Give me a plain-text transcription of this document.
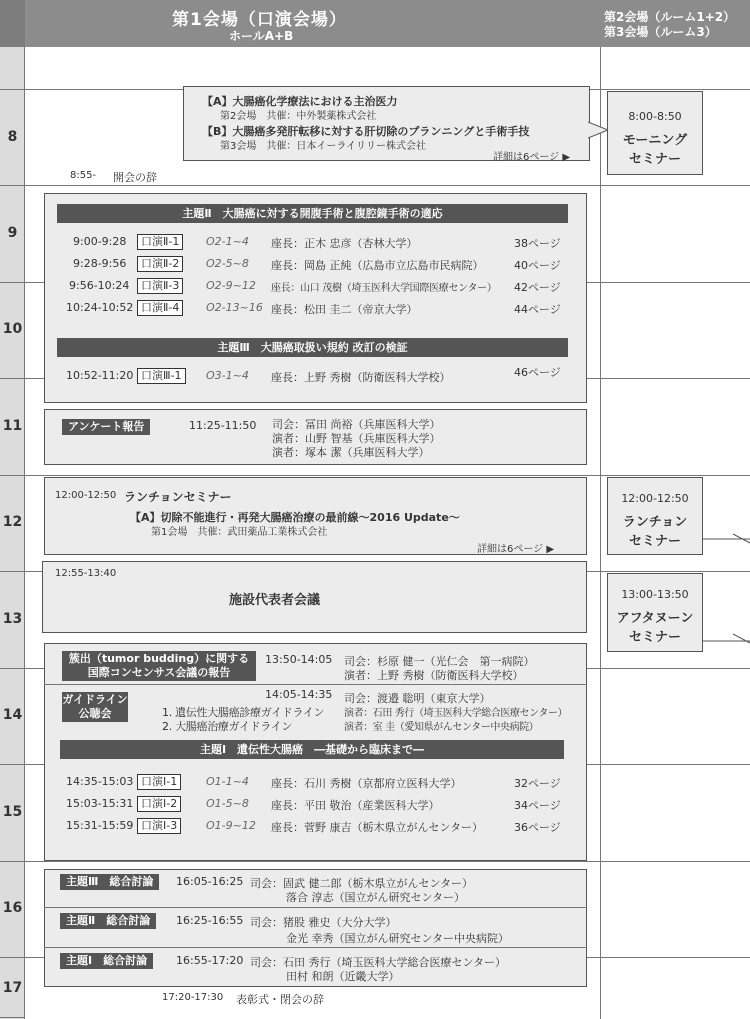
第1会場（口演会場）
ホールA+B
第2会場（ルーム1+2）
第3会場（ルーム3）
8
9
10
11
12
13
14
15
16
17
【A】大腸癌化学療法における主治医力
第2会場　共催：中外製薬株式会社
【B】大腸癌多発肝転移に対する肝切除のプランニングと手術手技
第3会場　共催：日本イーライリリー株式会社
詳細は6ページ ▶
8:00-8:50
モーニング
セミナー
8:55- 開会の辞
主題Ⅱ　大腸癌に対する開腹手術と腹腔鏡手術の適応
9:00-9:28	口演Ⅱ-1	O2-1~4 座長：正木 忠彦（杏林大学）	38ページ
9:28-9:56	口演Ⅱ-2	O2-5~8 座長：岡島 正純（広島市立広島市民病院）	40ページ
9:56-10:24	口演Ⅱ-3	O2-9~12 座長：山口 茂樹（埼玉医科大学国際医療センター） 42ページ
10:24-10:52 口演Ⅱ-4	O2-13~16 座長：松田 圭二（帝京大学）	44ページ
主題Ⅲ　大腸癌取扱い規約 改訂の検証
10:52-11:20 口演Ⅲ-1	O3-1~4 座長：上野 秀樹（防衛医科大学校）	46ページ
アンケート報告	11:25-11:50 司会：冨田 尚裕（兵庫医科大学）
演者：山野 智基（兵庫医科大学）
演者：塚本 潔（兵庫医科大学）
12:00-12:50 ランチョンセミナー
【A】切除不能進行・再発大腸癌治療の最前線〜2016 Update〜
第1会場　共催：武田薬品工業株式会社
詳細は6ページ ▶
12:00-12:50
ランチョン
セミナー
12:55-13:40
施設代表者会議	13:00-13:50
アフタヌーン
セミナー
簇出（tumor budding）に関する
国際コンセンサス会議の報告
13:50-14:05 司会：杉原 健一（光仁会　第一病院）
演者：上野 秀樹（防衛医科大学校）
ガイドライン
公聴会
14:05-14:35
1. 遺伝性大腸癌診療ガイドライン
2. 大腸癌治療ガイドライン
司会：渡邉 聡明（東京大学）
演者：石田 秀行（埼玉医科大学総合医療センター）
演者：室 圭（愛知県がんセンター中央病院）
主題Ⅰ　遺伝性大腸癌　―基礎から臨床まで―
14:35-15:03 口演Ⅰ-1	O1-1~4 座長：石川 秀樹（京都府立医科大学）	32ページ
15:03-15:31 口演Ⅰ-2	O1-5~8 座長：平田 敬治（産業医科大学）	34ページ
15:31-15:59 口演Ⅰ-3	O1-9~12 座長：菅野 康吉（栃木県立がんセンター）	36ページ
主題Ⅲ　総合討論	16:05-16:25 司会：固武 健二郎（栃木県立がんセンター）
落合 淳志（国立がん研究センター）
主題Ⅱ　総合討論	16:25-16:55 司会：猪股 雅史（大分大学）
金光 幸秀（国立がん研究センター中央病院）
主題Ⅰ　総合討論	16:55-17:20 司会：石田 秀行（埼玉医科大学総合医療センター）
田村 和朗（近畿大学）
17:20-17:30 表彰式・閉会の辞
